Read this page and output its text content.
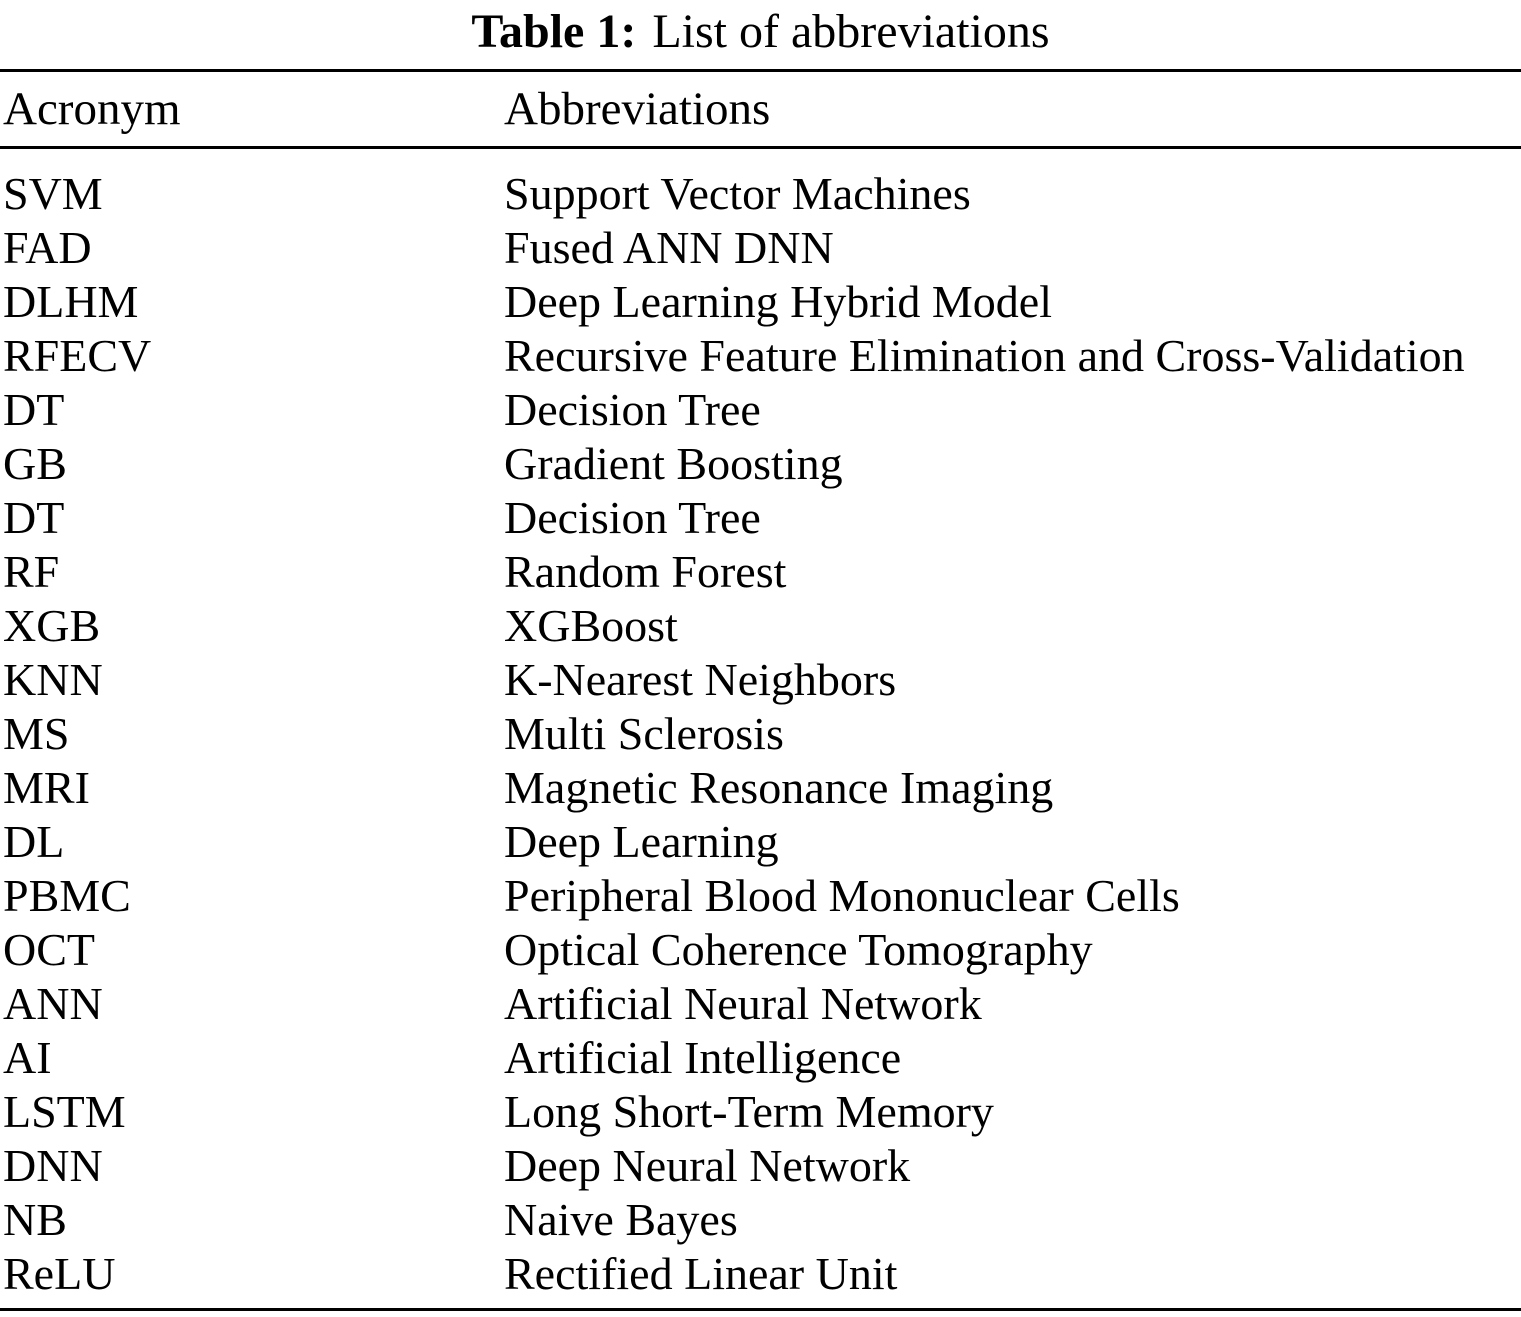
Table 1: List of abbreviations
Acronym	Abbreviations
SVM	Support Vector Machines
FAD	Fused ANN DNN
DLHM	Deep Learning Hybrid Model
RFECV	Recursive Feature Elimination and Cross-Validation
DT	Decision Tree
GB	Gradient Boosting
DT	Decision Tree
RF	Random Forest
XGB	XGBoost
KNN	K-Nearest Neighbors
MS	Multi Sclerosis
MRI	Magnetic Resonance Imaging
DL	Deep Learning
PBMC	Peripheral Blood Mononuclear Cells
OCT	Optical Coherence Tomography
ANN	Artificial Neural Network
AI	Artificial Intelligence
LSTM	Long Short-Term Memory
DNN	Deep Neural Network
NB	Naive Bayes
ReLU	Rectified Linear Unit
